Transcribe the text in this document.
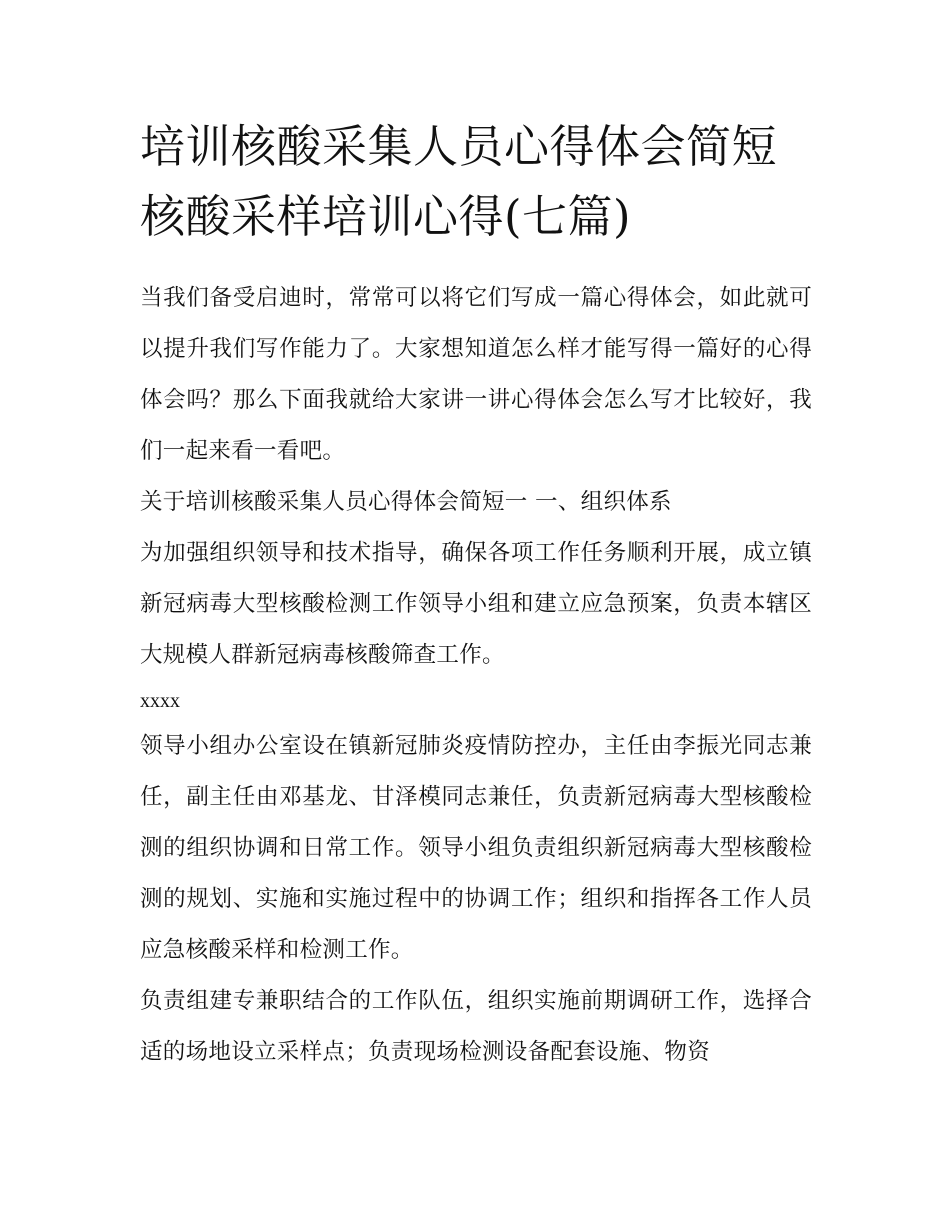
培训核酸采集人员心得体会简短 核酸采样培训心得(七篇)

当我们备受启迪时，常常可以将它们写成一篇心得体会，如此就可以提升我们写作能力了。大家想知道怎么样才能写得一篇好的心得体会吗？那么下面我就给大家讲一讲心得体会怎么写才比较好，我们一起来看一看吧。

关于培训核酸采集人员心得体会简短一 一、组织体系

为加强组织领导和技术指导，确保各项工作任务顺利开展，成立镇新冠病毒大型核酸检测工作领导小组和建立应急预案，负责本辖区大规模人群新冠病毒核酸筛查工作。

xxxx

领导小组办公室设在镇新冠肺炎疫情防控办，主任由李振光同志兼任，副主任由邓基龙、甘泽模同志兼任，负责新冠病毒大型核酸检测的组织协调和日常工作。领导小组负责组织新冠病毒大型核酸检测的规划、实施和实施过程中的协调工作；组织和指挥各工作人员应急核酸采样和检测工作。

负责组建专兼职结合的工作队伍，组织实施前期调研工作，选择合适的场地设立采样点；负责现场检测设备配套设施、物资
